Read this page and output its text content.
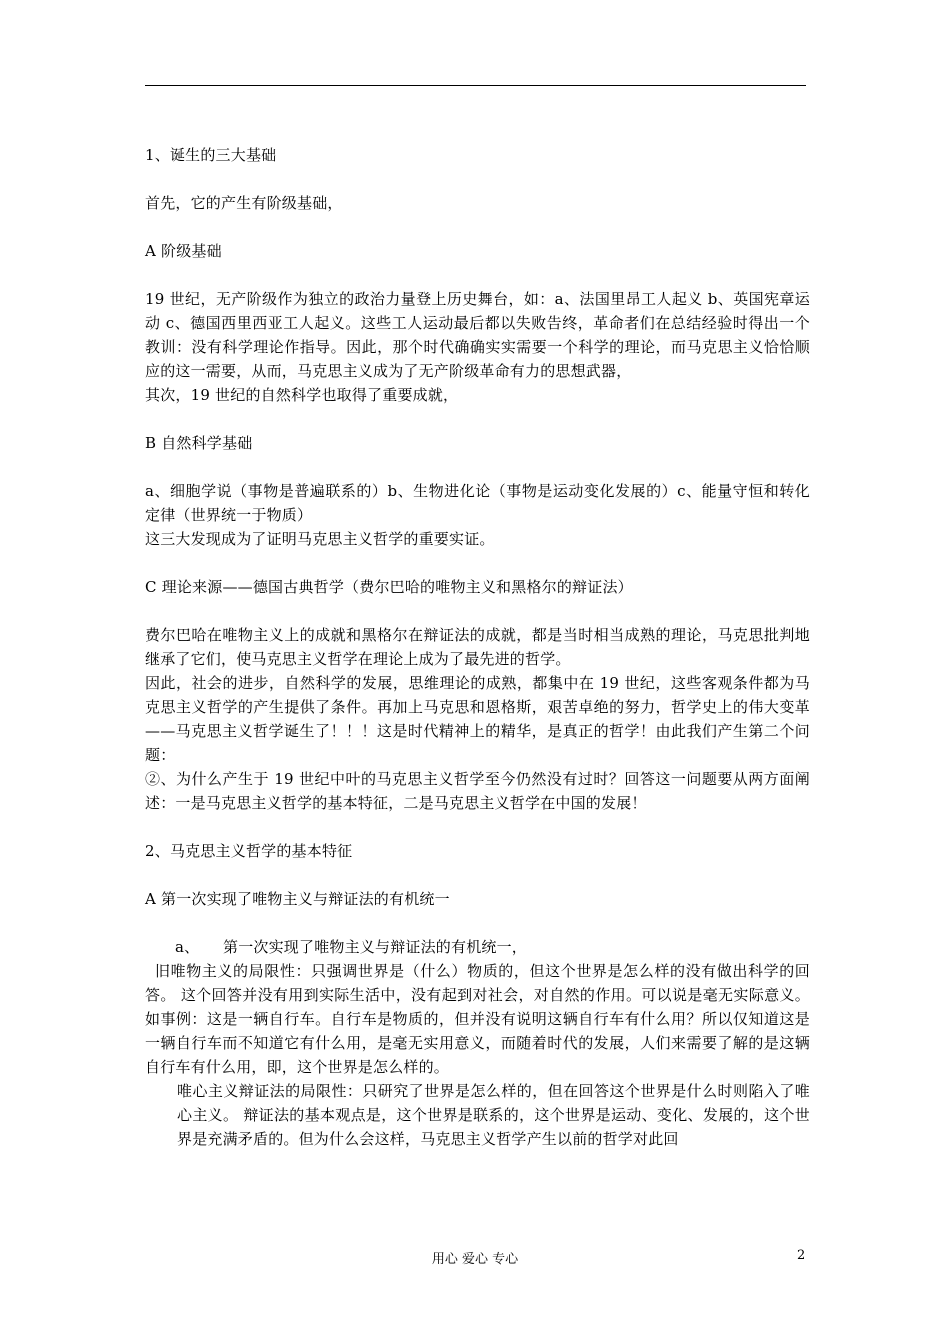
1、诞生的三大基础

首先，它的产生有阶级基础，

A 阶级基础

19 世纪，无产阶级作为独立的政治力量登上历史舞台，如：a、法国里昂工人起义 b、英国宪章运动 c、德国西里西亚工人起义。这些工人运动最后都以失败告终，革命者们在总结经验时得出一个教训：没有科学理论作指导。因此，那个时代确确实实需要一个科学的理论，而马克思主义恰恰顺应的这一需要，从而，马克思主义成为了无产阶级革命有力的思想武器，

其次，19 世纪的自然科学也取得了重要成就，

B 自然科学基础

a、细胞学说（事物是普遍联系的）b、生物进化论（事物是运动变化发展的）c、能量守恒和转化定律（世界统一于物质）

这三大发现成为了证明马克思主义哲学的重要实证。

C 理论来源——德国古典哲学（费尔巴哈的唯物主义和黑格尔的辩证法）

费尔巴哈在唯物主义上的成就和黑格尔在辩证法的成就，都是当时相当成熟的理论，马克思批判地继承了它们，使马克思主义哲学在理论上成为了最先进的哲学。

因此，社会的进步，自然科学的发展，思维理论的成熟，都集中在 19 世纪，这些客观条件都为马克思主义哲学的产生提供了条件。再加上马克思和恩格斯，艰苦卓绝的努力，哲学史上的伟大变革——马克思主义哲学诞生了！！！这是时代精神上的精华，是真正的哲学！由此我们产生第二个问题：

②、为什么产生于 19 世纪中叶的马克思主义哲学至今仍然没有过时？回答这一问题要从两方面阐述：一是马克思主义哲学的基本特征，二是马克思主义哲学在中国的发展！

2、马克思主义哲学的基本特征

A 第一次实现了唯物主义与辩证法的有机统一

a、 第一次实现了唯物主义与辩证法的有机统一，

旧唯物主义的局限性：只强调世界是（什么）物质的，但这个世界是怎么样的没有做出科学的回答。 这个回答并没有用到实际生活中，没有起到对社会，对自然的作用。可以说是毫无实际意义。如事例：这是一辆自行车。自行车是物质的，但并没有说明这辆自行车有什么用？所以仅知道这是一辆自行车而不知道它有什么用，是毫无实用意义，而随着时代的发展，人们来需要了解的是这辆自行车有什么用，即，这个世界是怎么样的。

唯心主义辩证法的局限性：只研究了世界是怎么样的，但在回答这个世界是什么时则陷入了唯心主义。 辩证法的基本观点是，这个世界是联系的，这个世界是运动、变化、发展的，这个世界是充满矛盾的。但为什么会这样，马克思主义哲学产生以前的哲学对此回

用心 爱心 专心	2
